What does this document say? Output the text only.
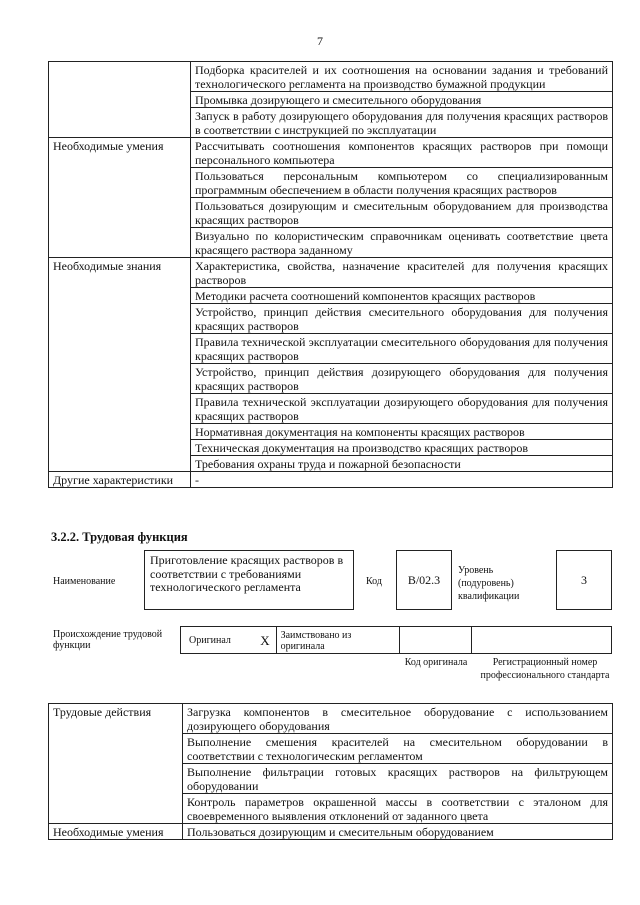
7
	Подборка красителей и их соотношения на основании задания и требований технологического регламента на производство бумажной продукции
	Промывка дозирующего и смесительного оборудования
	Запуск в работу дозирующего оборудования для получения красящих растворов в соответствии с инструкцией по эксплуатации
Необходимые умения	Рассчитывать соотношения компонентов красящих растворов при помощи персонального компьютера
	Пользоваться персональным компьютером со специализированным программным обеспечением в области получения красящих растворов
	Пользоваться дозирующим и смесительным оборудованием для производства красящих растворов
	Визуально по колористическим справочникам оценивать соответствие цвета красящего раствора заданному
Необходимые знания	Характеристика, свойства, назначение красителей для получения красящих растворов
	Методики расчета соотношений компонентов красящих растворов
	Устройство, принцип действия смесительного оборудования для получения красящих растворов
	Правила технической эксплуатации смесительного оборудования для получения красящих растворов
	Устройство, принцип действия дозирующего оборудования для получения красящих растворов
	Правила технической эксплуатации дозирующего оборудования для получения красящих растворов
	Нормативная документация на компоненты красящих растворов
	Техническая документация на производство красящих растворов
	Требования охраны труда и пожарной безопасности
Другие характеристики	-
3.2.2. Трудовая функция
Наименование
Приготовление красящих растворов в соответствии с требованиями технологического регламента	Код	В/02.3
Уровень (подуровень) квалификации
3
Происхождение трудовой функции	Оригинал X	Заимствовано из оригинала
Код оригинала	Регистрационный номер профессионального стандарта
Трудовые действия	Загрузка компонентов в смесительное оборудование с использованием дозирующего оборудования
	Выполнение смешения красителей на смесительном оборудовании в соответствии с технологическим регламентом
	Выполнение фильтрации готовых красящих растворов на фильтрующем оборудовании
	Контроль параметров окрашенной массы в соответствии с эталоном для своевременного выявления отклонений от заданного цвета
Необходимые умения	Пользоваться дозирующим и смесительным оборудованием
